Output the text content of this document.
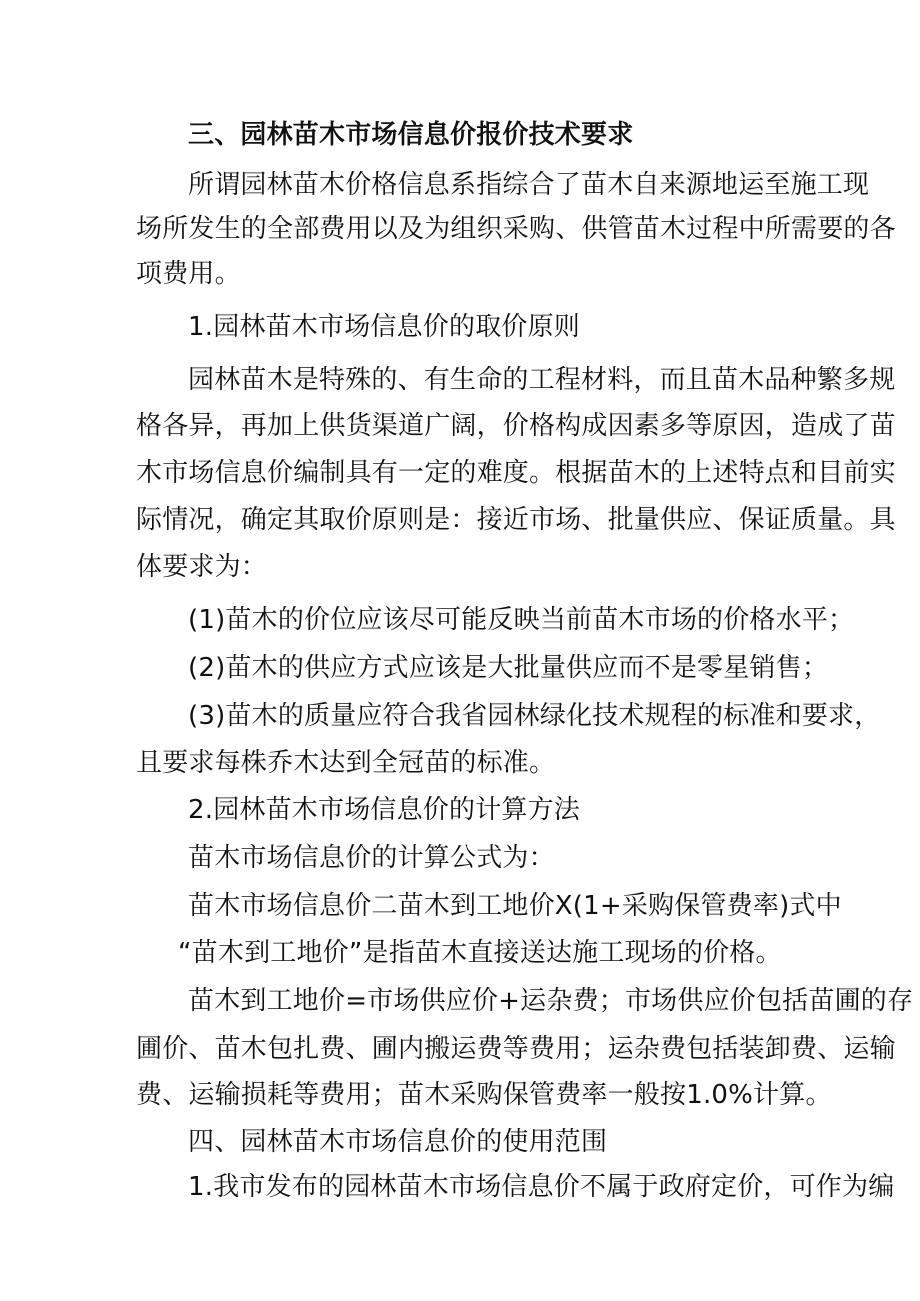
三、园林苗木市场信息价报价技术要求
所谓园林苗木价格信息系指综合了苗木自来源地运至施工现
场所发生的全部费用以及为组织采购、供管苗木过程中所需要的各
项费用。
1.园林苗木市场信息价的取价原则
园林苗木是特殊的、有生命的工程材料，而且苗木品种繁多规
格各异，再加上供货渠道广阔，价格构成因素多等原因，造成了苗
木市场信息价编制具有一定的难度。根据苗木的上述特点和目前实
际情况，确定其取价原则是：接近市场、批量供应、保证质量。具
体要求为：
(1)苗木的价位应该尽可能反映当前苗木市场的价格水平；
(2)苗木的供应方式应该是大批量供应而不是零星销售；
(3)苗木的质量应符合我省园林绿化技术规程的标准和要求，
且要求每株乔木达到全冠苗的标准。
2.园林苗木市场信息价的计算方法
苗木市场信息价的计算公式为：
苗木市场信息价二苗木到工地价X(1+采购保管费率)式中
“苗木到工地价”是指苗木直接送达施工现场的价格。
苗木到工地价=市场供应价+运杂费；市场供应价包括苗圃的存
圃价、苗木包扎费、圃内搬运费等费用；运杂费包括装卸费、运输
费、运输损耗等费用；苗木采购保管费率一般按1.0%计算。
四、园林苗木市场信息价的使用范围
1.我市发布的园林苗木市场信息价不属于政府定价，可作为编
